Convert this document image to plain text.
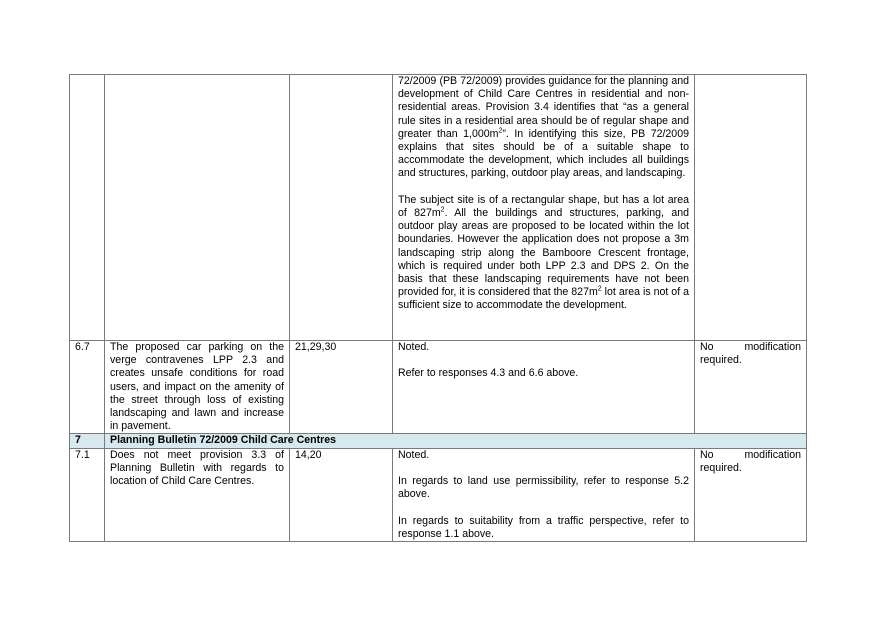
			72/2009 (PB 72/2009) provides guidance for the planning and development of Child Care Centres in residential and non-residential areas. Provision 3.4 identifies that “as a general rule sites in a residential area should be of regular shape and greater than $1,000m^2$”. In identifying this size, PB 72/2009 explains that sites should be of a suitable shape to accommodate the development, which includes all buildings and structures, parking, outdoor play areas, and landscaping.
The subject site is of a rectangular shape, but has a lot area of $827m^2$. All the buildings and structures, parking, and outdoor play areas are proposed to be located within the lot boundaries. However the application does not propose a 3m landscaping strip along the Bamboore Crescent frontage, which is required under both LPP 2.3 and DPS 2. On the basis that these landscaping requirements have not been provided for, it is considered that the $827m^2$ lot area is not of a sufficient size to accommodate the development.	

6.7	The proposed car parking on the verge contravenes LPP 2.3 and creates unsafe conditions for road users, and impact on the amenity of the street through loss of existing landscaping and lawn and increase in pavement.	21,29,30	Noted.
Refer to responses 4.3 and 6.6 above.	No modification required.
7	Planning Bulletin 72/2009 Child Care Centres			
7.1	Does not meet provision 3.3 of Planning Bulletin with regards to location of Child Care Centres.	14,20	Noted.
In regards to land use permissibility, refer to response 5.2 above.
In regards to suitability from a traffic perspective, refer to response 1.1 above.	No modification required.
